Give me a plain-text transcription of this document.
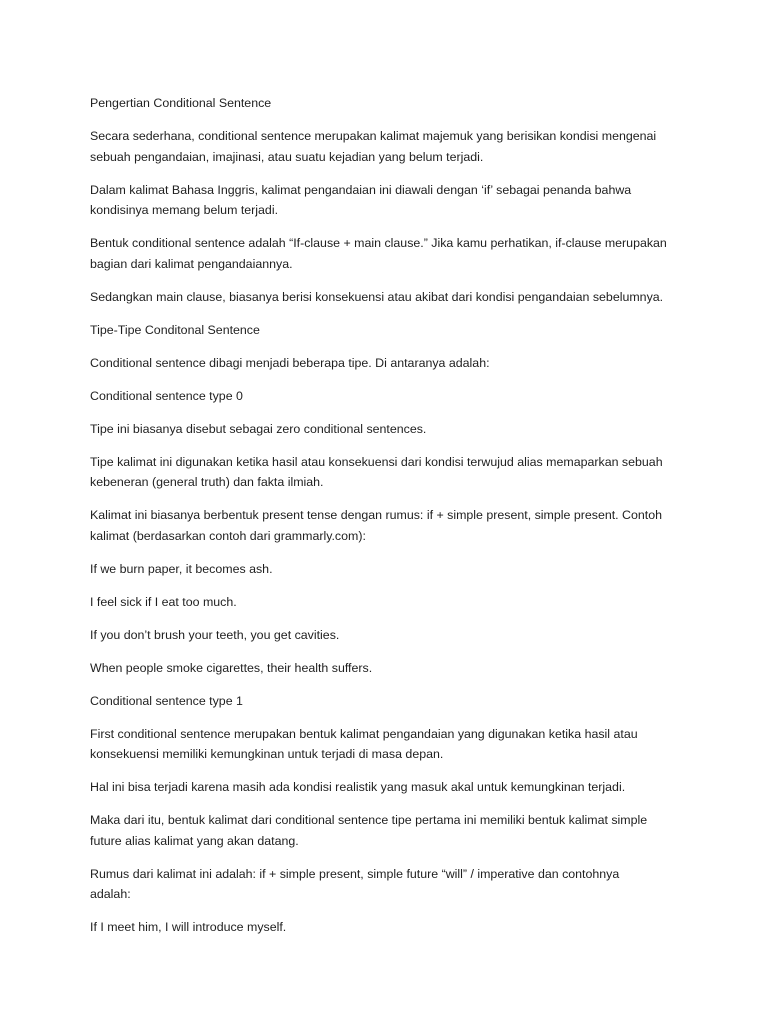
Pengertian Conditional Sentence

Secara sederhana, conditional sentence merupakan kalimat majemuk yang berisikan kondisi mengenai
sebuah pengandaian, imajinasi, atau suatu kejadian yang belum terjadi.

Dalam kalimat Bahasa Inggris, kalimat pengandaian ini diawali dengan ‘if’ sebagai penanda bahwa
kondisinya memang belum terjadi.

Bentuk conditional sentence adalah “If-clause + main clause.” Jika kamu perhatikan, if-clause merupakan
bagian dari kalimat pengandaiannya.

Sedangkan main clause, biasanya berisi konsekuensi atau akibat dari kondisi pengandaian sebelumnya.

Tipe-Tipe Conditonal Sentence

Conditional sentence dibagi menjadi beberapa tipe. Di antaranya adalah:

Conditional sentence type 0

Tipe ini biasanya disebut sebagai zero conditional sentences.

Tipe kalimat ini digunakan ketika hasil atau konsekuensi dari kondisi terwujud alias memaparkan sebuah
kebeneran (general truth) dan fakta ilmiah.

Kalimat ini biasanya berbentuk present tense dengan rumus: if + simple present, simple present. Contoh
kalimat (berdasarkan contoh dari grammarly.com):

If we burn paper, it becomes ash.

I feel sick if I eat too much.

If you don’t brush your teeth, you get cavities.

When people smoke cigarettes, their health suffers.

Conditional sentence type 1

First conditional sentence merupakan bentuk kalimat pengandaian yang digunakan ketika hasil atau
konsekuensi memiliki kemungkinan untuk terjadi di masa depan.

Hal ini bisa terjadi karena masih ada kondisi realistik yang masuk akal untuk kemungkinan terjadi.

Maka dari itu, bentuk kalimat dari conditional sentence tipe pertama ini memiliki bentuk kalimat simple
future alias kalimat yang akan datang.

Rumus dari kalimat ini adalah: if + simple present, simple future “will” / imperative dan contohnya
adalah:

If I meet him, I will introduce myself.
